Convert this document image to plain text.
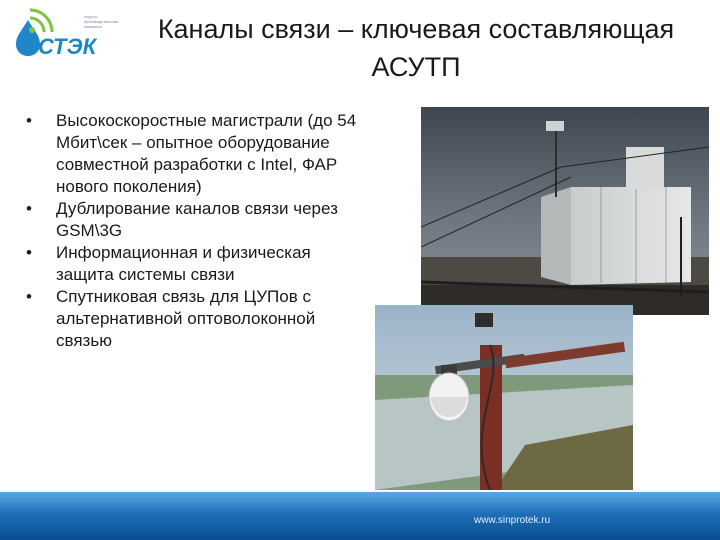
СТЭК
научно-производственная компания	Каналы связи – ключевая составляющая АСУТП
• Высокоскоростные магистрали (до 54 Мбит\сек – опытное оборудование совместной разработки с Intel, ФАР нового поколения)
• Дублирование каналов связи через GSM\3G
• Информационная и физическая защита системы связи
• Спутниковая связь для ЦУПов с альтернативной оптоволоконной связью
www.sinprotek.ru
